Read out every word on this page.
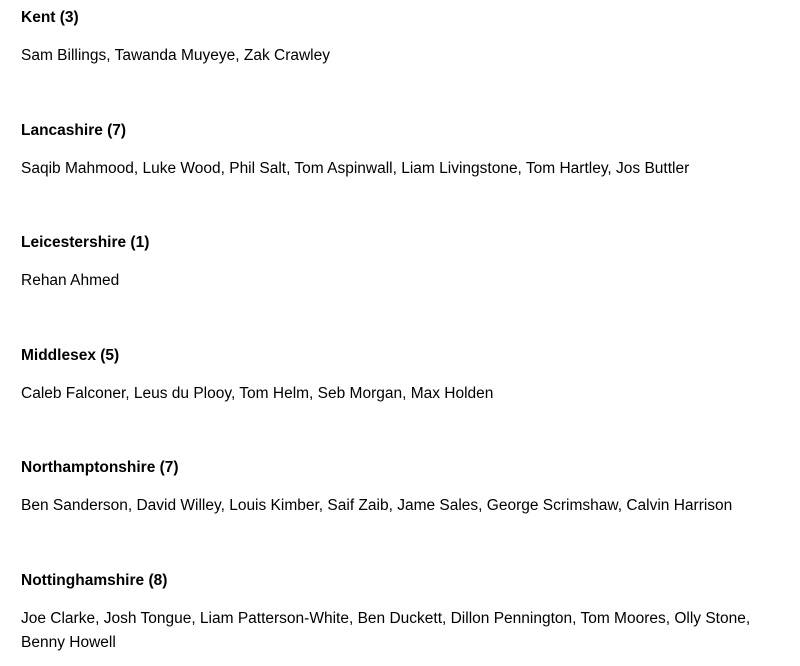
Kent (3)

Sam Billings, Tawanda Muyeye, Zak Crawley

Lancashire (7)

Saqib Mahmood, Luke Wood, Phil Salt, Tom Aspinwall, Liam Livingstone, Tom Hartley, Jos Buttler

Leicestershire (1)

Rehan Ahmed

Middlesex (5)

Caleb Falconer, Leus du Plooy, Tom Helm, Seb Morgan, Max Holden

Northamptonshire (7)

Ben Sanderson, David Willey, Louis Kimber, Saif Zaib, Jame Sales, George Scrimshaw, Calvin Harrison

Nottinghamshire (8)

Joe Clarke, Josh Tongue, Liam Patterson-White, Ben Duckett, Dillon Pennington, Tom Moores, Olly Stone, Benny Howell
